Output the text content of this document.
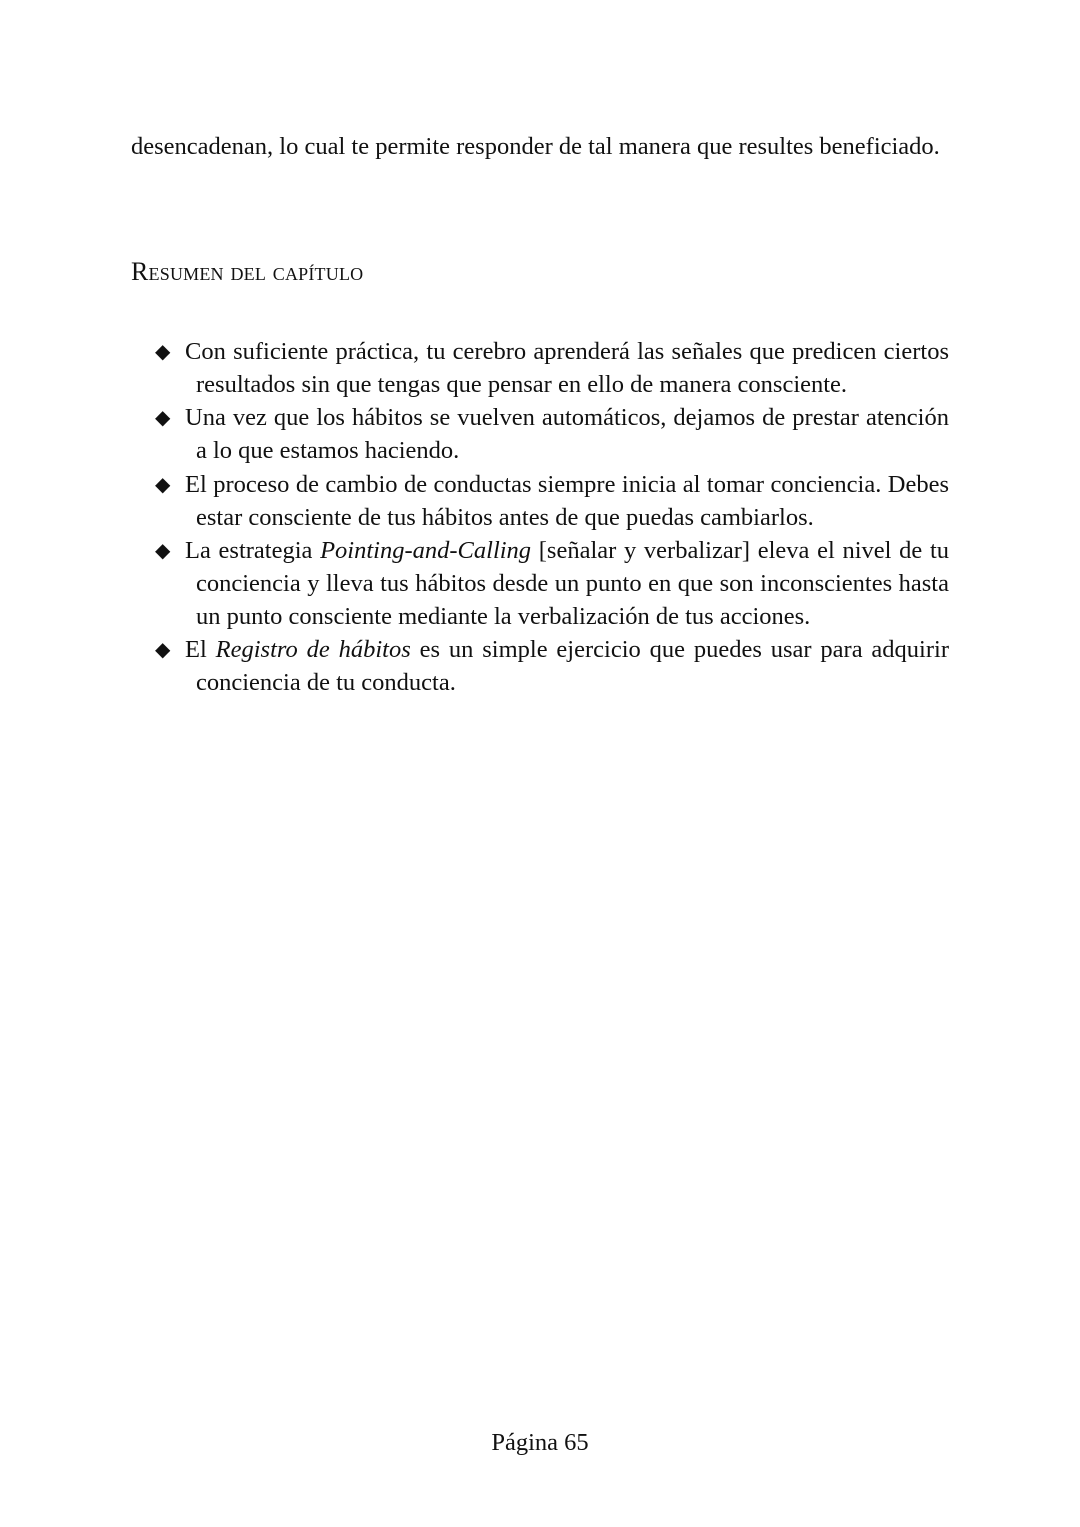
desencadenan, lo cual te permite responder de tal manera que resultes beneficiado.

Resumen del capítulo
◆ Con suficiente práctica, tu cerebro aprenderá las señales que predicen ciertos resultados sin que tengas que pensar en ello de manera consciente.
◆ Una vez que los hábitos se vuelven automáticos, dejamos de prestar atención a lo que estamos haciendo.
◆ El proceso de cambio de conductas siempre inicia al tomar conciencia. Debes estar consciente de tus hábitos antes de que puedas cambiarlos.
◆ La estrategia Pointing-and-Calling [señalar y verbalizar] eleva el nivel de tu conciencia y lleva tus hábitos desde un punto en que son inconscientes hasta un punto consciente mediante la verbalización de tus acciones.
◆ El Registro de hábitos es un simple ejercicio que puedes usar para adquirir conciencia de tu conducta.
Página 65
